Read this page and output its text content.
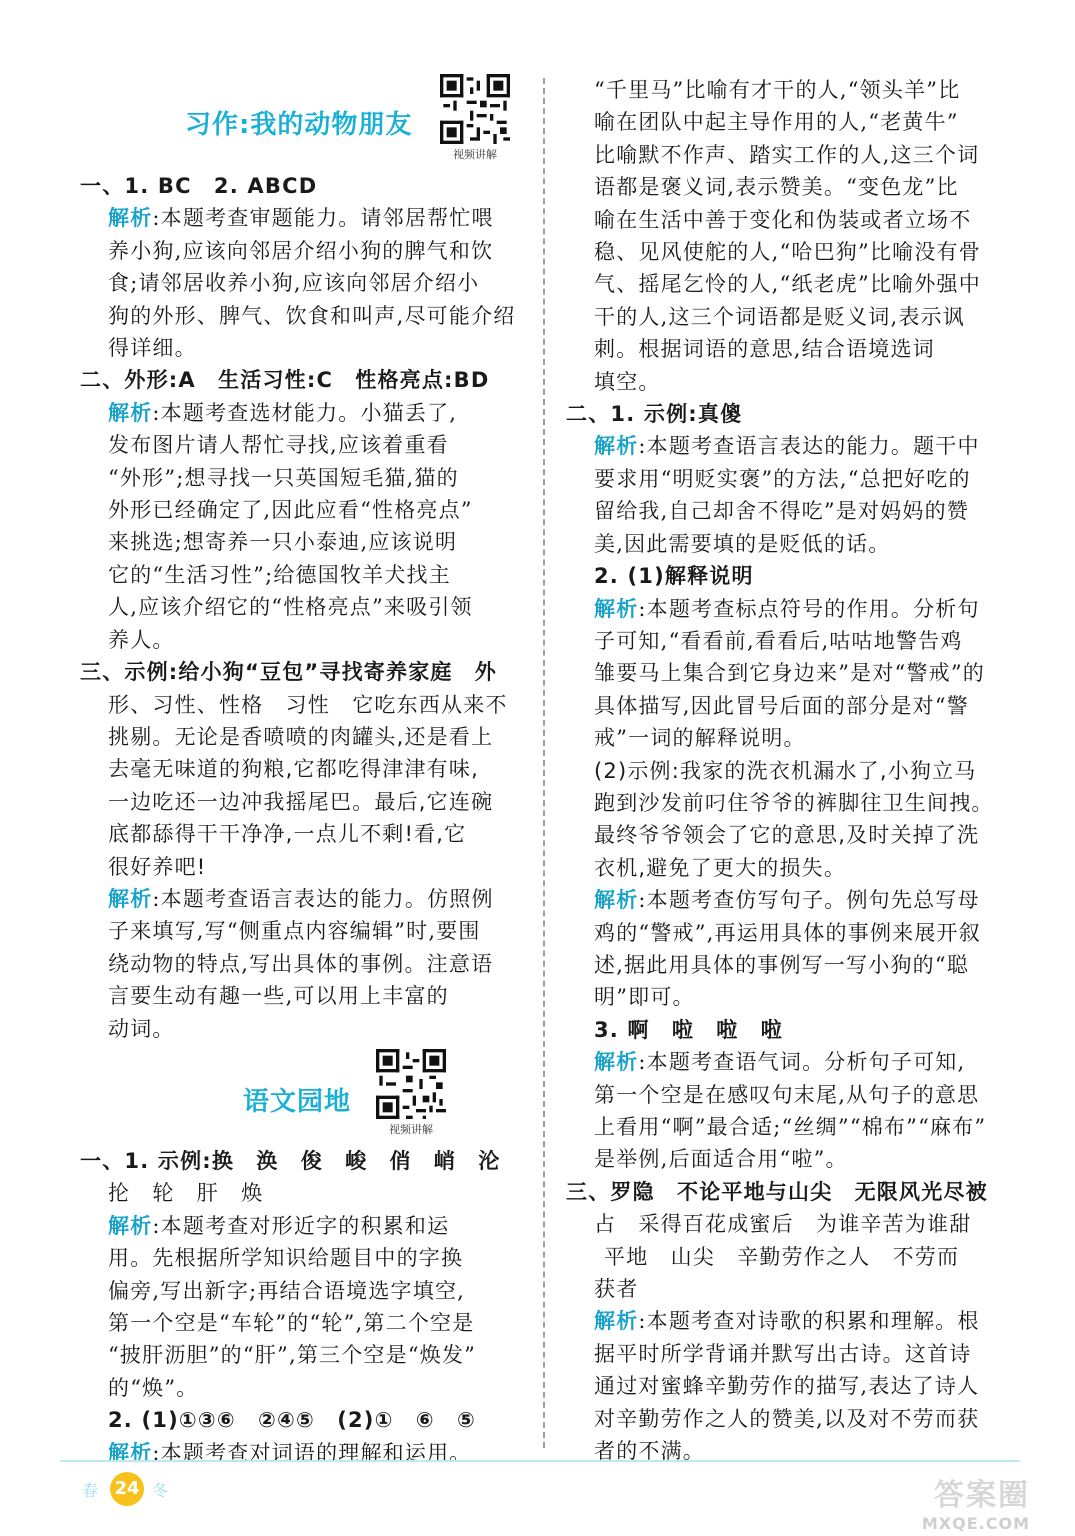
习作:我的动物朋友
视频讲解
一、1. BC　2. ABCD
解析:本题考查审题能力。请邻居帮忙喂
养小狗,应该向邻居介绍小狗的脾气和饮
食;请邻居收养小狗,应该向邻居介绍小
狗的外形、脾气、饮食和叫声,尽可能介绍
得详细。
二、外形:A　生活习性:C　性格亮点:BD
解析:本题考查选材能力。小猫丢了,
发布图片请人帮忙寻找,应该着重看
“外形”;想寻找一只英国短毛猫,猫的
外形已经确定了,因此应看“性格亮点”
来挑选;想寄养一只小泰迪,应该说明
它的“生活习性”;给德国牧羊犬找主
人,应该介绍它的“性格亮点”来吸引领
养人。
三、示例:给小狗“豆包”寻找寄养家庭　外
形、习性、性格　习性　它吃东西从来不
挑剔。无论是香喷喷的肉罐头,还是看上
去毫无味道的狗粮,它都吃得津津有味,
一边吃还一边冲我摇尾巴。最后,它连碗
底都舔得干干净净,一点儿不剩!看,它
很好养吧!
解析:本题考查语言表达的能力。仿照例
子来填写,写“侧重点内容编辑”时,要围
绕动物的特点,写出具体的事例。注意语
言要生动有趣一些,可以用上丰富的
动词。
语文园地
视频讲解
一、1. 示例:换　涣　俊　峻　俏　峭　沦
抡　轮　肝　焕
解析:本题考查对形近字的积累和运
用。先根据所学知识给题目中的字换
偏旁,写出新字;再结合语境选字填空,
第一个空是“车轮”的“轮”,第二个空是
“披肝沥胆”的“肝”,第三个空是“焕发”
的“焕”。
2. (1)①③⑥　②④⑤　(2)①　⑥　⑤
解析:本题考查对词语的理解和运用。
“千里马”比喻有才干的人,“领头羊”比
喻在团队中起主导作用的人,“老黄牛”
比喻默不作声、踏实工作的人,这三个词
语都是褒义词,表示赞美。“变色龙”比
喻在生活中善于变化和伪装或者立场不
稳、见风使舵的人,“哈巴狗”比喻没有骨
气、摇尾乞怜的人,“纸老虎”比喻外强中
干的人,这三个词语都是贬义词,表示讽
刺。根据词语的意思,结合语境选词
填空。
二、1. 示例:真傻
解析:本题考查语言表达的能力。题干中
要求用“明贬实褒”的方法,“总把好吃的
留给我,自己却舍不得吃”是对妈妈的赞
美,因此需要填的是贬低的话。
2. (1)解释说明
解析:本题考查标点符号的作用。分析句
子可知,“看看前,看看后,咕咕地警告鸡
雏要马上集合到它身边来”是对“警戒”的
具体描写,因此冒号后面的部分是对“警
戒”一词的解释说明。
(2)示例:我家的洗衣机漏水了,小狗立马
跑到沙发前叼住爷爷的裤脚往卫生间拽。
最终爷爷领会了它的意思,及时关掉了洗
衣机,避免了更大的损失。
解析:本题考查仿写句子。例句先总写母
鸡的“警戒”,再运用具体的事例来展开叙
述,据此用具体的事例写一写小狗的“聪
明”即可。
3. 啊　啦　啦　啦
解析:本题考查语气词。分析句子可知,
第一个空是在感叹句末尾,从句子的意思
上看用“啊”最合适;“丝绸”“棉布”“麻布”
是举例,后面适合用“啦”。
三、罗隐　不论平地与山尖　无限风光尽被
占　采得百花成蜜后　为谁辛苦为谁甜
平地　山尖　辛勤劳作之人　不劳而
获者
解析:本题考查对诗歌的积累和理解。根
据平时所学背诵并默写出古诗。这首诗
通过对蜜蜂辛勤劳作的描写,表达了诗人
对辛勤劳作之人的赞美,以及对不劳而获
者的不满。
春 24 冬	答案圈
MXQE.COM
